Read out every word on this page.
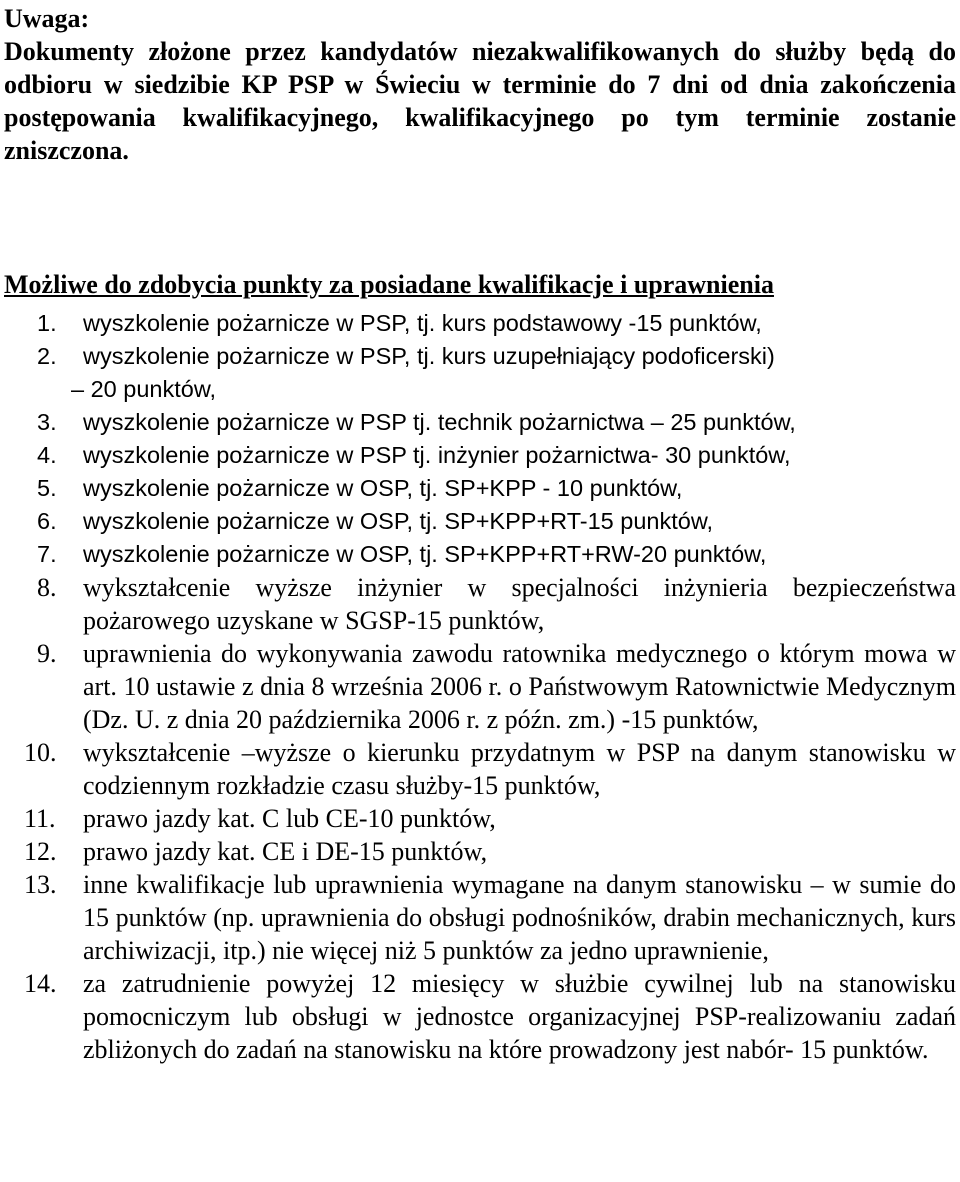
Uwaga:

Dokumenty złożone przez kandydatów niezakwalifikowanych do służby będą do odbioru w siedzibie KP PSP w Świeciu w terminie do 7 dni od dnia zakończenia postępowania kwalifikacyjnego, kwalifikacyjnego po tym terminie zostanie zniszczona.

Możliwe do zdobycia punkty za posiadane kwalifikacje i uprawnienia

1.	wyszkolenie pożarnicze w PSP, tj. kurs podstawowy -15 punktów,
2.	wyszkolenie pożarnicze w PSP, tj. kurs uzupełniający podoficerski)
– 20 punktów,
3.	wyszkolenie pożarnicze w PSP tj. technik pożarnictwa – 25 punktów,
4.	wyszkolenie pożarnicze w PSP tj. inżynier pożarnictwa- 30 punktów,
5.	wyszkolenie pożarnicze w OSP, tj. SP+KPP - 10 punktów,
6.	wyszkolenie pożarnicze w OSP, tj. SP+KPP+RT-15 punktów,
7.	wyszkolenie pożarnicze w OSP, tj. SP+KPP+RT+RW-20 punktów,
8.	wykształcenie wyższe inżynier w specjalności inżynieria bezpieczeństwa pożarowego uzyskane w SGSP-15 punktów,
9.	uprawnienia do wykonywania zawodu ratownika medycznego o którym mowa w art. 10 ustawie z dnia 8 września 2006 r. o Państwowym Ratownictwie Medycznym (Dz. U. z dnia 20 października 2006 r. z późn. zm.) -15 punktów,
10.	wykształcenie –wyższe o kierunku przydatnym w PSP na danym stanowisku w codziennym rozkładzie czasu służby-15 punktów,
11.	prawo jazdy kat. C lub CE-10 punktów,
12.	prawo jazdy kat. CE i DE-15 punktów,
13.	inne kwalifikacje lub uprawnienia wymagane na danym stanowisku – w sumie do 15 punktów (np. uprawnienia do obsługi podnośników, drabin mechanicznych, kurs archiwizacji, itp.) nie więcej niż 5 punktów za jedno uprawnienie,
14.	za zatrudnienie powyżej 12 miesięcy w służbie cywilnej lub na stanowisku pomocniczym lub obsługi w jednostce organizacyjnej PSP-realizowaniu zadań zbliżonych do zadań na stanowisku na które prowadzony jest nabór- 15 punktów.
